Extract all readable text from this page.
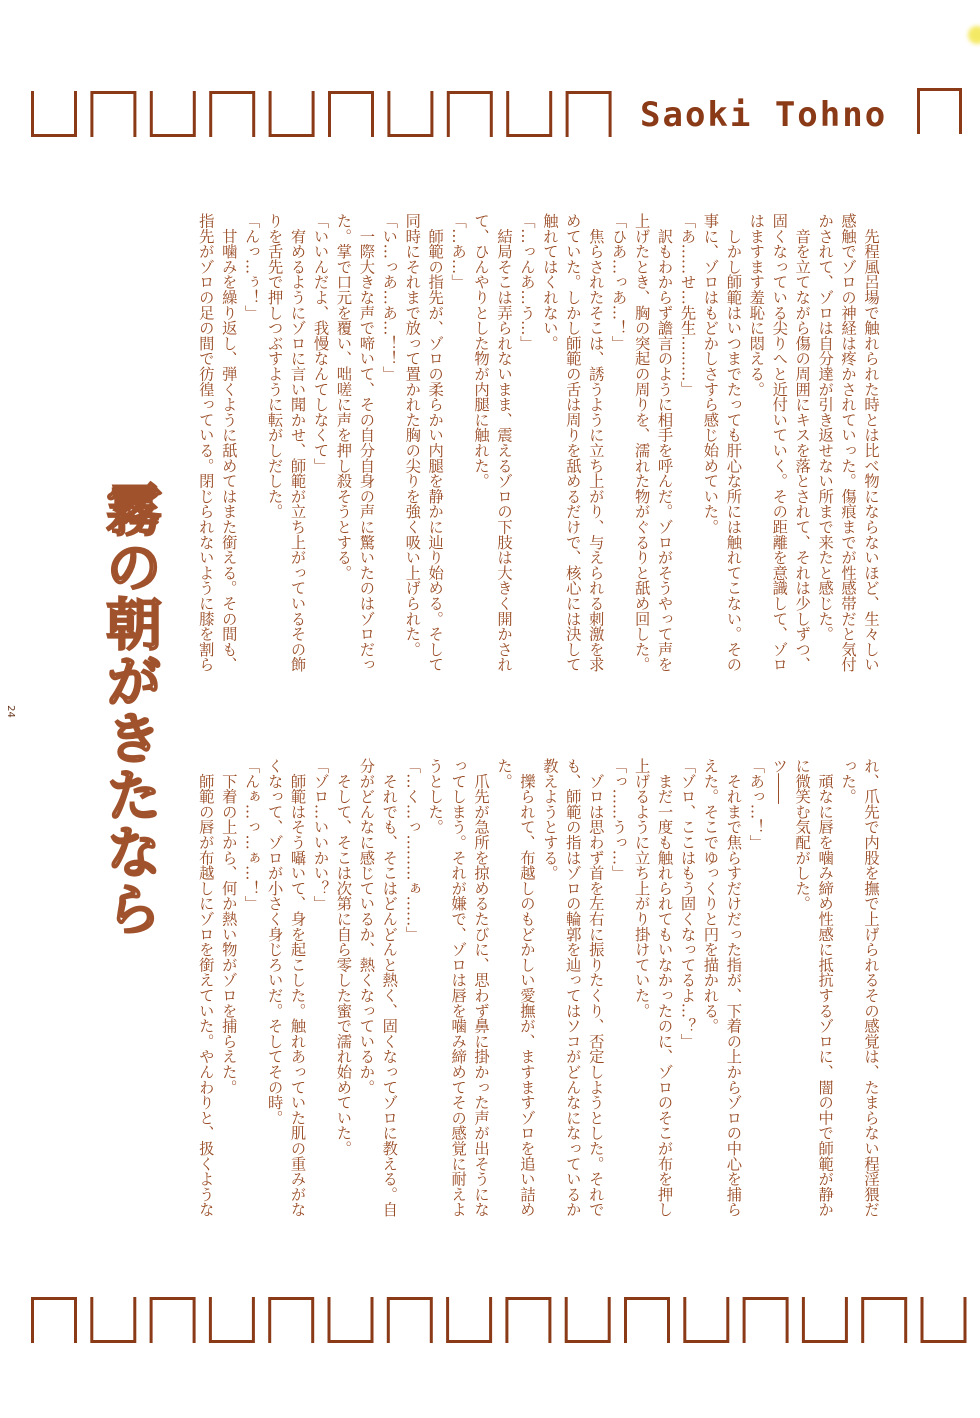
Saoki Tohno
霧の朝がきたなら
24
　先程風呂場で触れられた時とは比べ物にならないほど、生々しい
感触でゾロの神経は疼かされていった。傷痕までが性感帯だと気付
かされて、ゾロは自分達が引き返せない所まで来たと感じた。
　音を立てながら傷の周囲にキスを落とされて、それは少しずつ、
固くなっている尖りへと近付いていく。その距離を意識して、ゾロ
はますます羞恥に悶える。
　しかし師範はいつまでたっても肝心な所には触れてこない。その
事に、ゾロはもどかしさすら感じ始めていた。
「あ……せ…先生………」
　訳もわからず譫言のように相手を呼んだ。ゾロがそうやって声を
上げたとき、胸の突起の周りを、濡れた物がぐるりと舐め回した。
「ひあ…っあ…！」
　焦らされたそこは、誘うように立ち上がり、与えられる刺激を求
めていた。しかし師範の舌は周りを舐めるだけで、核心には決して
触れてはくれない。
「…っんあ…う…」
　結局そこは弄られないまま、震えるゾロの下肢は大きく開かされ
て、ひんやりとした物が内腿に触れた。
「…あ…」
　師範の指先が、ゾロの柔らかい内腿を静かに辿り始める。そして
同時にそれまで放って置かれた胸の尖りを強く吸い上げられた。
「い…っあ…あ…！！」
　一際大きな声で啼いて、その自分自身の声に驚いたのはゾロだっ
た。掌で口元を覆い、咄嗟に声を押し殺そうとする。
「いいんだよ、我慢なんてしなくて」
　宥めるようにゾロに言い聞かせ、師範が立ち上がっているその飾
りを舌先で押しつぶすように転がしだした。
「んっ…ぅ！」
　甘噛みを繰り返し、弾くように舐めてはまた銜える。その間も、
指先がゾロの足の間で彷徨っている。閉じられないように膝を割ら
れ、爪先で内股を撫で上げられるその感覚は、たまらない程淫猥だ
った。
　頑なに唇を噛み締め性感に抵抗するゾロに、闇の中で師範が静か
に微笑む気配がした。
ツ――
「あっ…！」
　それまで焦らすだけだった指が、下着の上からゾロの中心を捕ら
えた。そこでゆっくりと円を描かれる。
「ゾロ、ここはもう固くなってるよ…？」
　まだ一度も触れられてもいなかったのに、ゾロのそこが布を押し
上げるように立ち上がり掛けていた。
「っ……うっ…」
　ゾロは思わず首を左右に振りたくり、否定しようとした。それで
も、師範の指はゾロの輪郭を辿ってはソコがどんなになっているか
教えようとする。
　擽られて、布越しのもどかしい愛撫が、ますますゾロを追い詰め
た。
　爪先が急所を掠めるたびに、思わず鼻に掛かった声が出そうにな
ってしまう。それが嫌で、ゾロは唇を噛み締めてその感覚に耐えよ
うとした。
「…く…っ………ぁ……」
　それでも、そこはどんどんと熱く、固くなってゾロに教える。自
分がどんなに感じているか、熱くなっているか。
　そして、そこは次第に自ら零した蜜で濡れ始めていた。
「ゾロ…いいかい？」
　師範はそう囁いて、身を起こした。触れあっていた肌の重みがな
くなって、ゾロが小さく身じろいだ。そしてその時。
「んぁ…っ…ぁ…！」
　下着の上から、何か熱い物がゾロを捕らえた。
　師範の唇が布越しにゾロを銜えていた。やんわりと、扱くような
